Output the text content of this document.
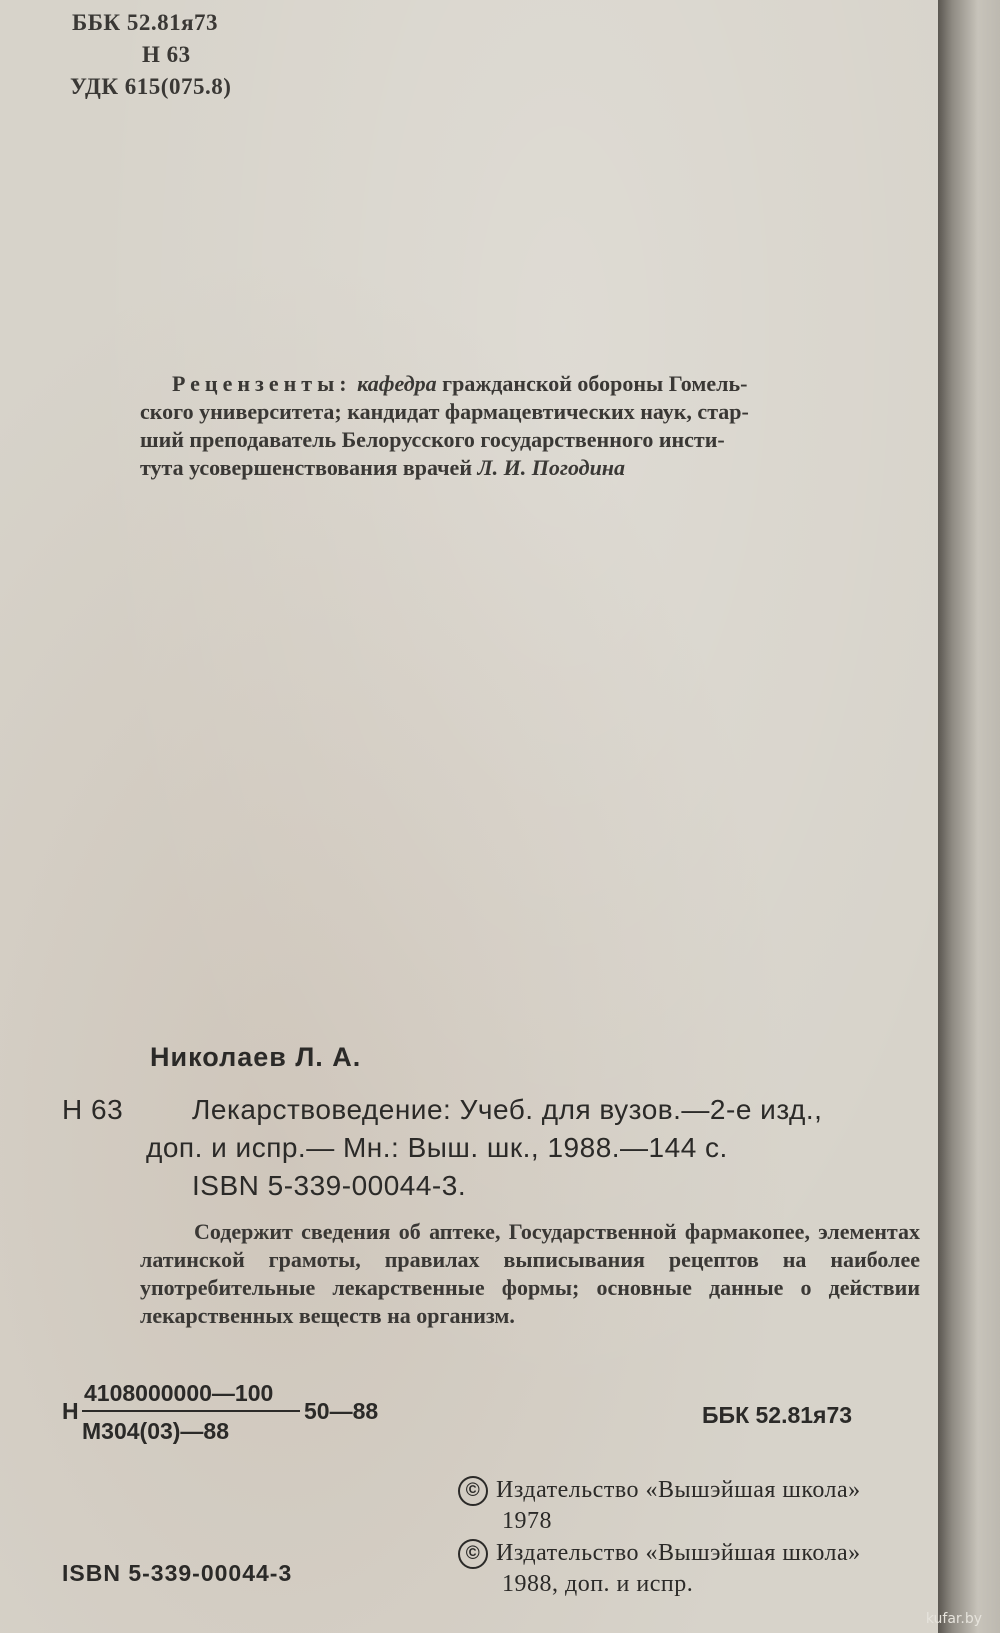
ББК 52.81я73
Н 63
УДК 615(075.8)
Рецензенты: кафедра гражданской обороны Гомель-
ского университета; кандидат фармацевтических наук, стар-
ший преподаватель Белорусского государственного инсти-
тута усовершенствования врачей Л. И. Погодина
Николаев Л. А.
Н 63 Лекарствоведение: Учеб. для вузов.—2-е изд.,
доп. и испр.— Мн.: Выш. шк., 1988.—144 с.
ISBN 5-339-00044-3.
Содержит сведения об аптеке, Государственной фармакопее, элементах латинской грамоты, правилах выписывания рецептов на наиболее употребительные лекарственные формы; основные данные о действии лекарственных веществ на организм.
Н
4108000000—100
М304(03)—88
50—88	ББК 52.81я73
© Издательство «Вышэйшая школа»
1978
© Издательство «Вышэйшая школа»
1988, доп. и испр.
ISBN 5-339-00044-3
kufar.by
